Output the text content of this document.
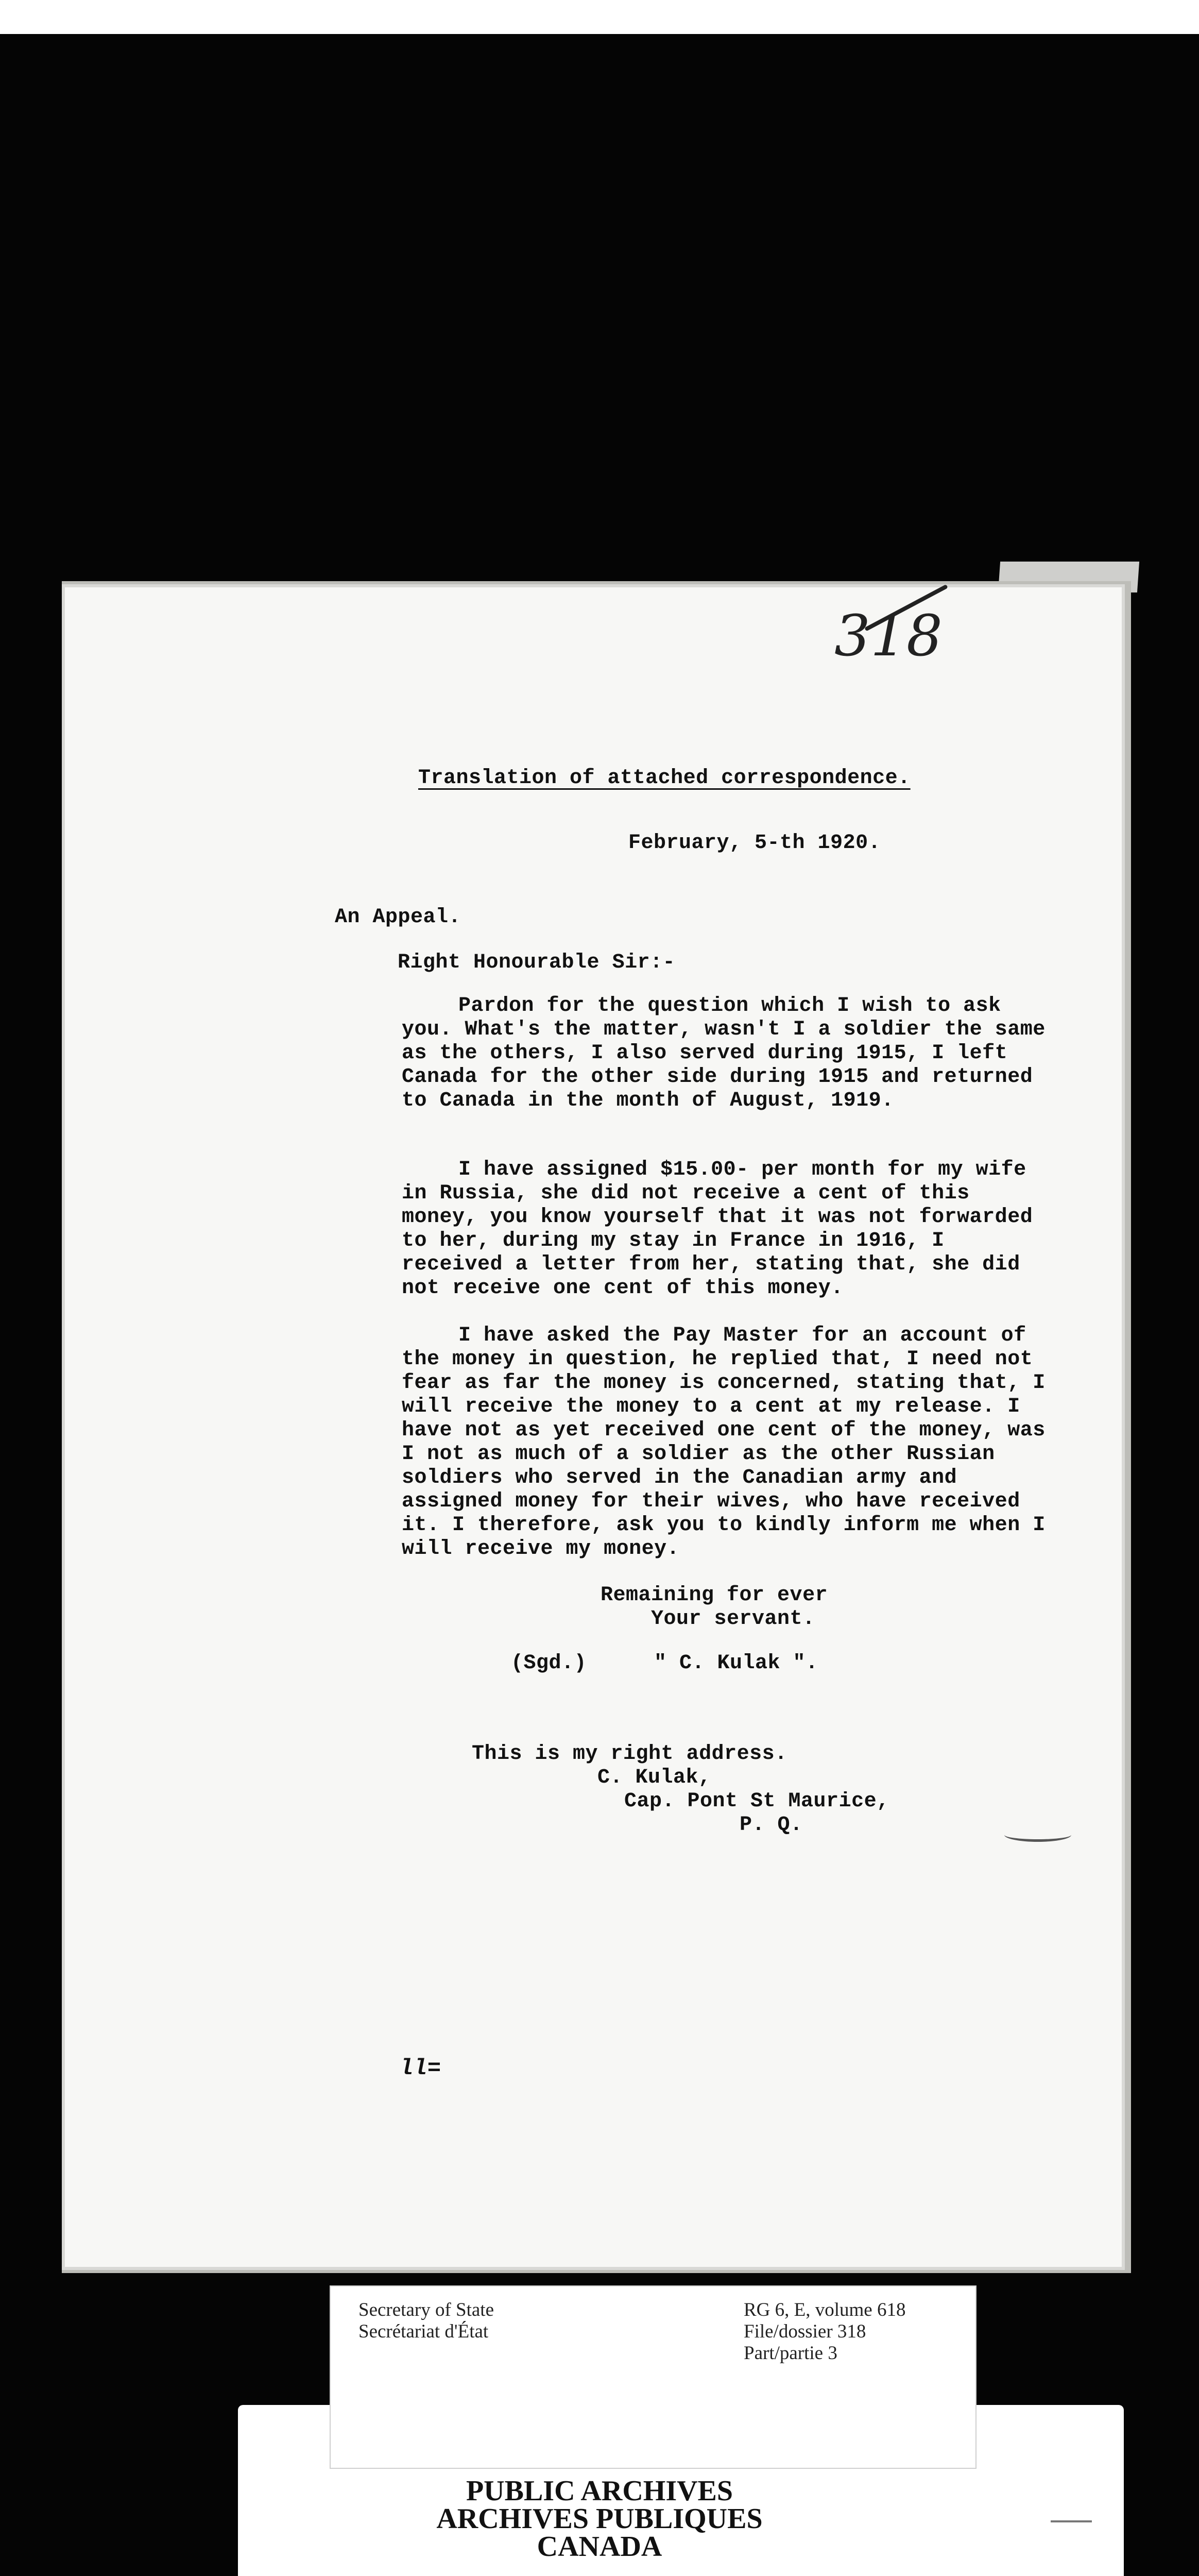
318
Translation of attached correspondence.
February, 5-th 1920.
An Appeal.
Right Honourable Sir:-

Pardon for the question which I wish to ask you. What's the matter, wasn't I a soldier the same as the others, I also served during 1915, I left Canada for the other side during 1915 and returned to Canada in the month of August, 1919.

I have assigned $15.00- per month for my wife in Russia, she did not receive a cent of this money, you know yourself that it was not forwarded to her, during my stay in France in 1916, I received a letter from her, stating that, she did not receive one cent of this money.

I have asked the Pay Master for an account of the money in question, he replied that, I need not fear as far the money is concerned, stating that, I will receive the money to a cent at my release. I have not as yet received one cent of the money, was I not as much of a soldier as the other Russian soldiers who served in the Canadian army and assigned money for their wives, who have received it. I therefore, ask you to kindly inform me when I will receive my money.

Remaining for ever
Your servant.
(Sgd.)	" C. Kulak ".
This is my right address.
C. Kulak,
Cap. Pont St Maurice,
P. Q.
ll=
Secretary of State
Secrétariat d'État
RG 6, E, volume 618
File/dossier 318
Part/partie 3
PUBLIC ARCHIVES
ARCHIVES PUBLIQUES
CANADA
